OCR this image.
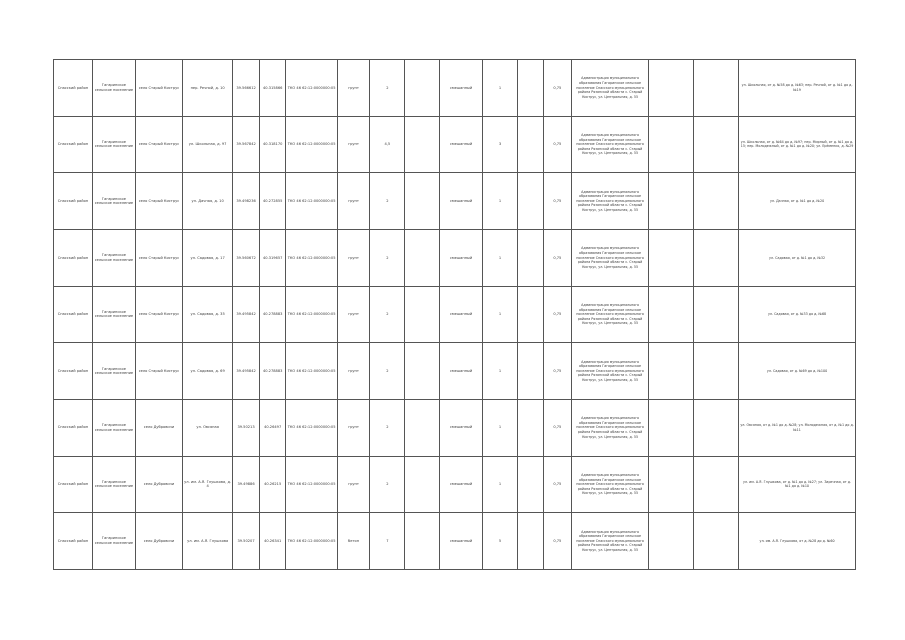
Спасский район	Гагаринское сельское поселение	село Старый Киструс	пер. Речной, д. 10	39.566612	40.315866	ТКО 46 62:12:0000000:05	грунт	2		смешанный	1		0,75	Администрация муниципального образования Гагаринское сельское поселение Спасского муниципального района Рязанской области с. Старый Киструс, ул. Центральная, д. 55			ул. Школьная, от д. №58 до д. №63; пер. Речной, от д. №1 до д. №19
Спасский район	Гагаринское сельское поселение	село Старый Киструс	ул. Школьная, д. 97	39.567842	40.318170	ТКО 46 62:12:0000000:05	грунт	4,5		смешанный	3		0,75	Администрация муниципального образования Гагаринское сельское поселение Спасского муниципального района Рязанской области с. Старый Киструс, ул. Центральная, д. 55			ул. Школьная, от д. №64 до д. №97; пер. Мирный, от д. №1 до д. 15; пер. Молодежный, от д. №1 до д. №20; ул. Ерёменко, д. №29
Спасский район	Гагаринское сельское поселение	село Старый Киструс	ул. Дачная, д. 10	39.498236	40.272855	ТКО 46 62:12:0000000:05	грунт	2		смешанный	1		0,75	Администрация муниципального образования Гагаринское сельское поселение Спасского муниципального района Рязанской области с. Старый Киструс, ул. Центральная, д. 55			ул. Дачная, от д. №1 до д. №20
Спасский район	Гагаринское сельское поселение	село Старый Киструс	ул. Садовая, д. 17	39.560672	40.319657	ТКО 46 62:12:0000000:05	грунт	2		смешанный	1		0,75	Администрация муниципального образования Гагаринское сельское поселение Спасского муниципального района Рязанской области с. Старый Киструс, ул. Центральная, д. 55			ул. Садовая, от д. №1 до д. №32
Спасский район	Гагаринское сельское поселение	село Старый Киструс	ул. Садовая, д. 35	39.495842	40.278883	ТКО 46 62:12:0000000:05	грунт	2		смешанный	1		0,75	Администрация муниципального образования Гагаринское сельское поселение Спасского муниципального района Рязанской области с. Старый Киструс, ул. Центральная, д. 55			ул. Садовая, от д. №33 до д. №68
Спасский район	Гагаринское сельское поселение	село Старый Киструс	ул. Садовая, д. 69	39.495842	40.278883	ТКО 46 62:12:0000000:05	грунт	2		смешанный	1		0,75	Администрация муниципального образования Гагаринское сельское поселение Спасского муниципального района Рязанской области с. Старый Киструс, ул. Центральная, д. 55			ул. Садовая, от д. №69 до д. №100
Спасский район	Гагаринское сельское поселение	село Дубровичи	ул. Овсяная	39.50213	40.26497	ТКО 46 62:12:0000000:05	грунт	2		смешанный	1		0,75	Администрация муниципального образования Гагаринское сельское поселение Спасского муниципального района Рязанской области с. Старый Киструс, ул. Центральная, д. 55			ул. Овсяная, от д. №1 до д. №28; ул. Молодежная, от д. №1 до д. №11
Спасский район	Гагаринское сельское поселение	село Дубровичи	ул. им. А.Я. Глушкова, д. 4	39.49886	40.26215	ТКО 46 62:12:0000000:05	грунт	2		смешанный	1		0,75	Администрация муниципального образования Гагаринское сельское поселение Спасского муниципального района Рязанской области с. Старый Киструс, ул. Центральная, д. 55			ул. им. А.Я. Глушкова, от д. №1 до д. №27; ул. Заречная, от д. №1 до д. №10
Спасский район	Гагаринское сельское поселение	село Дубровичи	ул. им. А.Я. Глушкова	39.50207	40.26341	ТКО 46 62:12:0000000:05	бетон	7		смешанный	5		0,75	Администрация муниципального образования Гагаринское сельское поселение Спасского муниципального района Рязанской области с. Старый Киструс, ул. Центральная, д. 55			ул. им. А.Я. Глушкова, от д. №28 до д. №60
